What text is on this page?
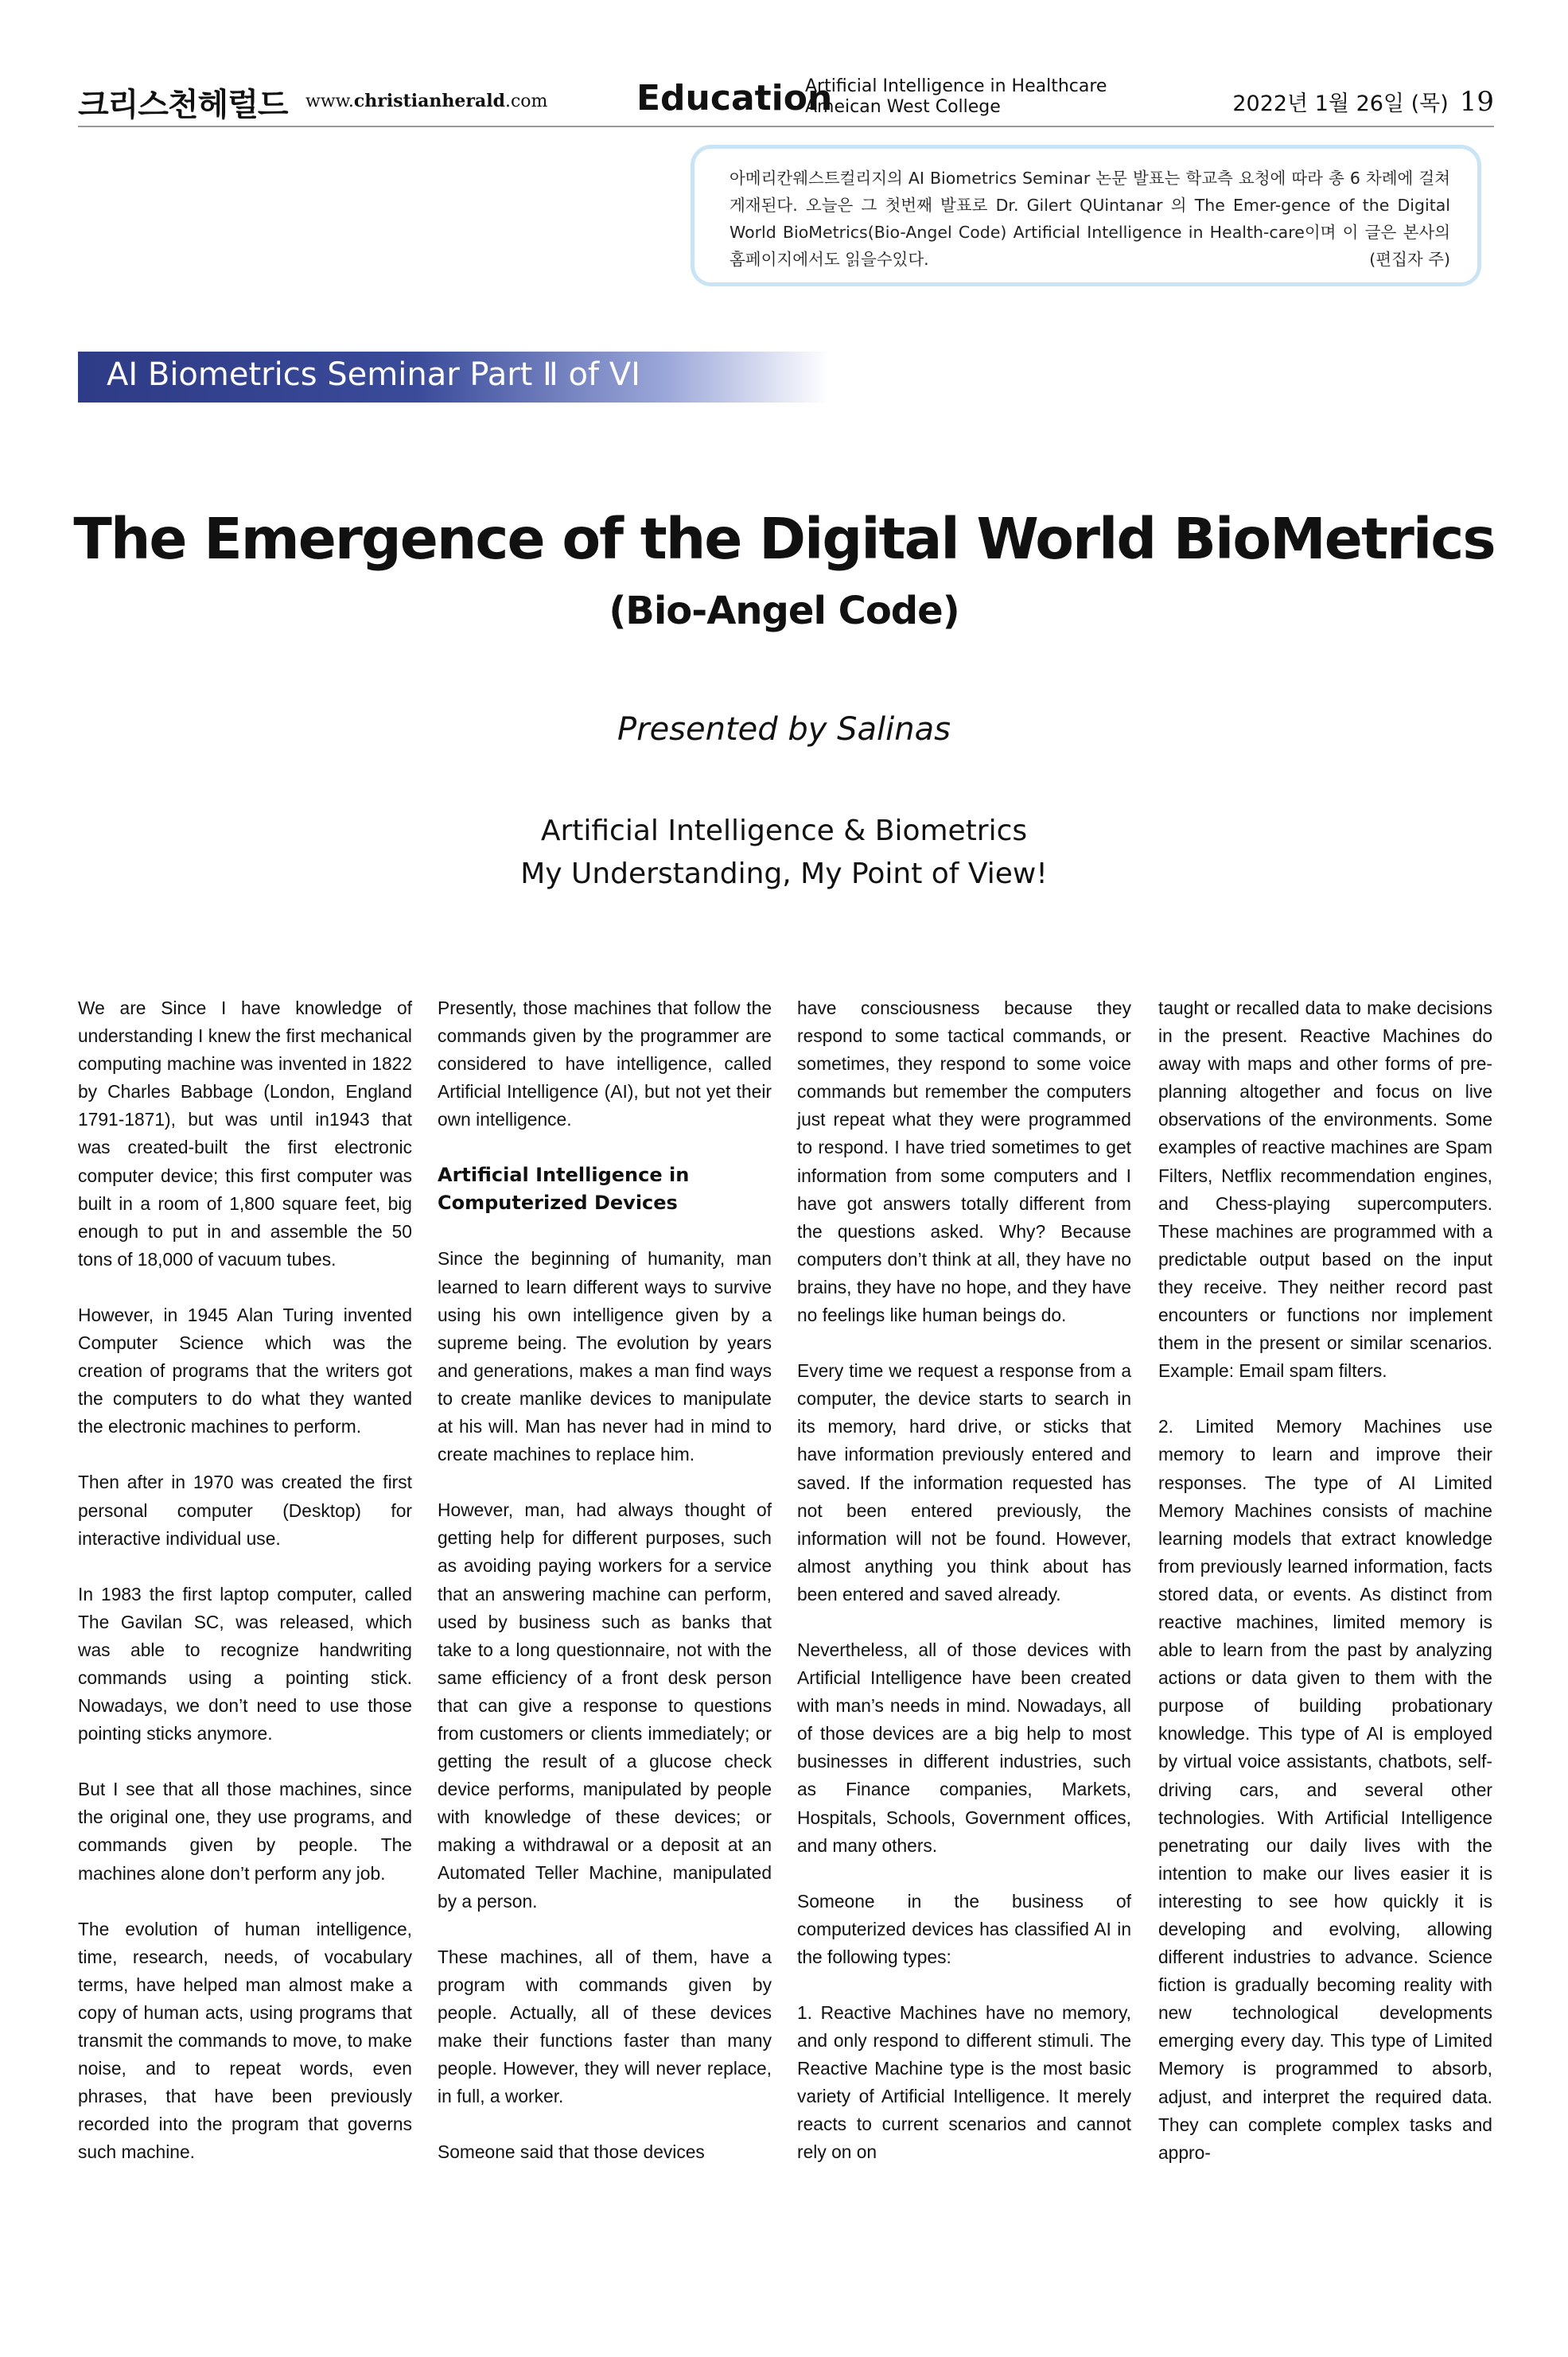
크리스천헤럴드 www.christianherald.com	Education
Artificial Intelligence in Healthcare
Ameican West College	2022년 1월 26일 (목) 19
아메리칸웨스트컬리지의 AI Biometrics Seminar 논문 발표는 학교측 요청에 따라 총 6 차례에 걸쳐 게재된다. 오늘은 그 첫번째 발표로 Dr. Gilert QUintanar 의 The Emer-gence of the Digital World BioMetrics(Bio-Angel Code) Artificial Intelligence in Health-care이며 이 글은 본사의 홈페이지에서도 읽을수있다.	(편집자 주)
AI Biometrics Seminar Part Ⅱ of VI
The Emergence of the Digital World BioMetrics
(Bio-Angel Code)
Presented by Salinas
Artificial Intelligence & Biometrics
My Understanding, My Point of View!

We are Since I have knowledge of understanding I knew the first mechanical computing machine was invented in 1822 by Charles Babbage (London, England 1791-1871), but was until in1943 that was created-built the first electronic computer device; this first computer was built in a room of 1,800 square feet, big enough to put in and assemble the 50 tons of 18,000 of vacuum tubes.

However, in 1945 Alan Turing invented Computer Science which was the creation of programs that the writers got the computers to do what they wanted the electronic machines to perform.

Then after in 1970 was created the first personal computer (Desktop) for interactive individual use.

In 1983 the first laptop computer, called The Gavilan SC, was released, which was able to recognize handwriting commands using a pointing stick. Nowadays, we don’t need to use those pointing sticks anymore.

But I see that all those machines, since the original one, they use programs, and commands given by people. The machines alone don’t perform any job.

The evolution of human intelligence, time, research, needs, of vocabulary terms, have helped man almost make a copy of human acts, using programs that transmit the commands to move, to make noise, and to repeat words, even phrases, that have been previously recorded into the program that governs such machine.

Presently, those machines that follow the commands given by the programmer are considered to have intelligence, called Artificial Intelligence (AI), but not yet their own intelligence.

Artificial Intelligence in Computerized Devices

Since the beginning of humanity, man learned to learn different ways to survive using his own intelligence given by a supreme being. The evolution by years and generations, makes a man find ways to create manlike devices to manipulate at his will. Man has never had in mind to create machines to replace him.

However, man, had always thought of getting help for different purposes, such as avoiding paying workers for a service that an answering machine can perform, used by business such as banks that take to a long questionnaire, not with the same efficiency of a front desk person that can give a response to questions from customers or clients immediately; or getting the result of a glucose check device performs, manipulated by people with knowledge of these devices; or making a withdrawal or a deposit at an Automated Teller Machine, manipulated by a person.

These machines, all of them, have a program with commands given by people. Actually, all of these devices make their functions faster than many people. However, they will never replace, in full, a worker.

Someone said that those devices

have consciousness because they respond to some tactical commands, or sometimes, they respond to some voice commands but remember the computers just repeat what they were programmed to respond. I have tried sometimes to get information from some computers and I have got answers totally different from the questions asked. Why? Because computers don’t think at all, they have no brains, they have no hope, and they have no feelings like human beings do.

Every time we request a response from a computer, the device starts to search in its memory, hard drive, or sticks that have information previously entered and saved. If the information requested has not been entered previously, the information will not be found. However, almost anything you think about has been entered and saved already.

Nevertheless, all of those devices with Artificial Intelligence have been created with man’s needs in mind. Nowadays, all of those devices are a big help to most businesses in different industries, such as Finance companies, Markets, Hospitals, Schools, Government offices, and many others.

Someone in the business of computerized devices has classified AI in the following types:

1. Reactive Machines have no memory, and only respond to different stimuli. The Reactive Machine type is the most basic variety of Artificial Intelligence. It merely reacts to current scenarios and cannot rely on on

taught or recalled data to make decisions in the present. Reactive Machines do away with maps and other forms of pre-planning altogether and focus on live observations of the environments. Some examples of reactive machines are Spam Filters, Netflix recommendation engines, and Chess-playing supercomputers. These machines are programmed with a predictable output based on the input they receive. They neither record past encounters or functions nor implement them in the present or similar scenarios. Example: Email spam filters.

2. Limited Memory Machines use memory to learn and improve their responses. The type of AI Limited Memory Machines consists of machine learning models that extract knowledge from previously learned information, facts stored data, or events. As distinct from reactive machines, limited memory is able to learn from the past by analyzing actions or data given to them with the purpose of building probationary knowledge. This type of AI is employed by virtual voice assistants, chatbots, self-driving cars, and several other technologies. With Artificial Intelligence penetrating our daily lives with the intention to make our lives easier it is interesting to see how quickly it is developing and evolving, allowing different industries to advance. Science fiction is gradually becoming reality with new technological developments emerging every day. This type of Limited Memory is programmed to absorb, adjust, and interpret the required data. They can complete complex tasks and appro-
